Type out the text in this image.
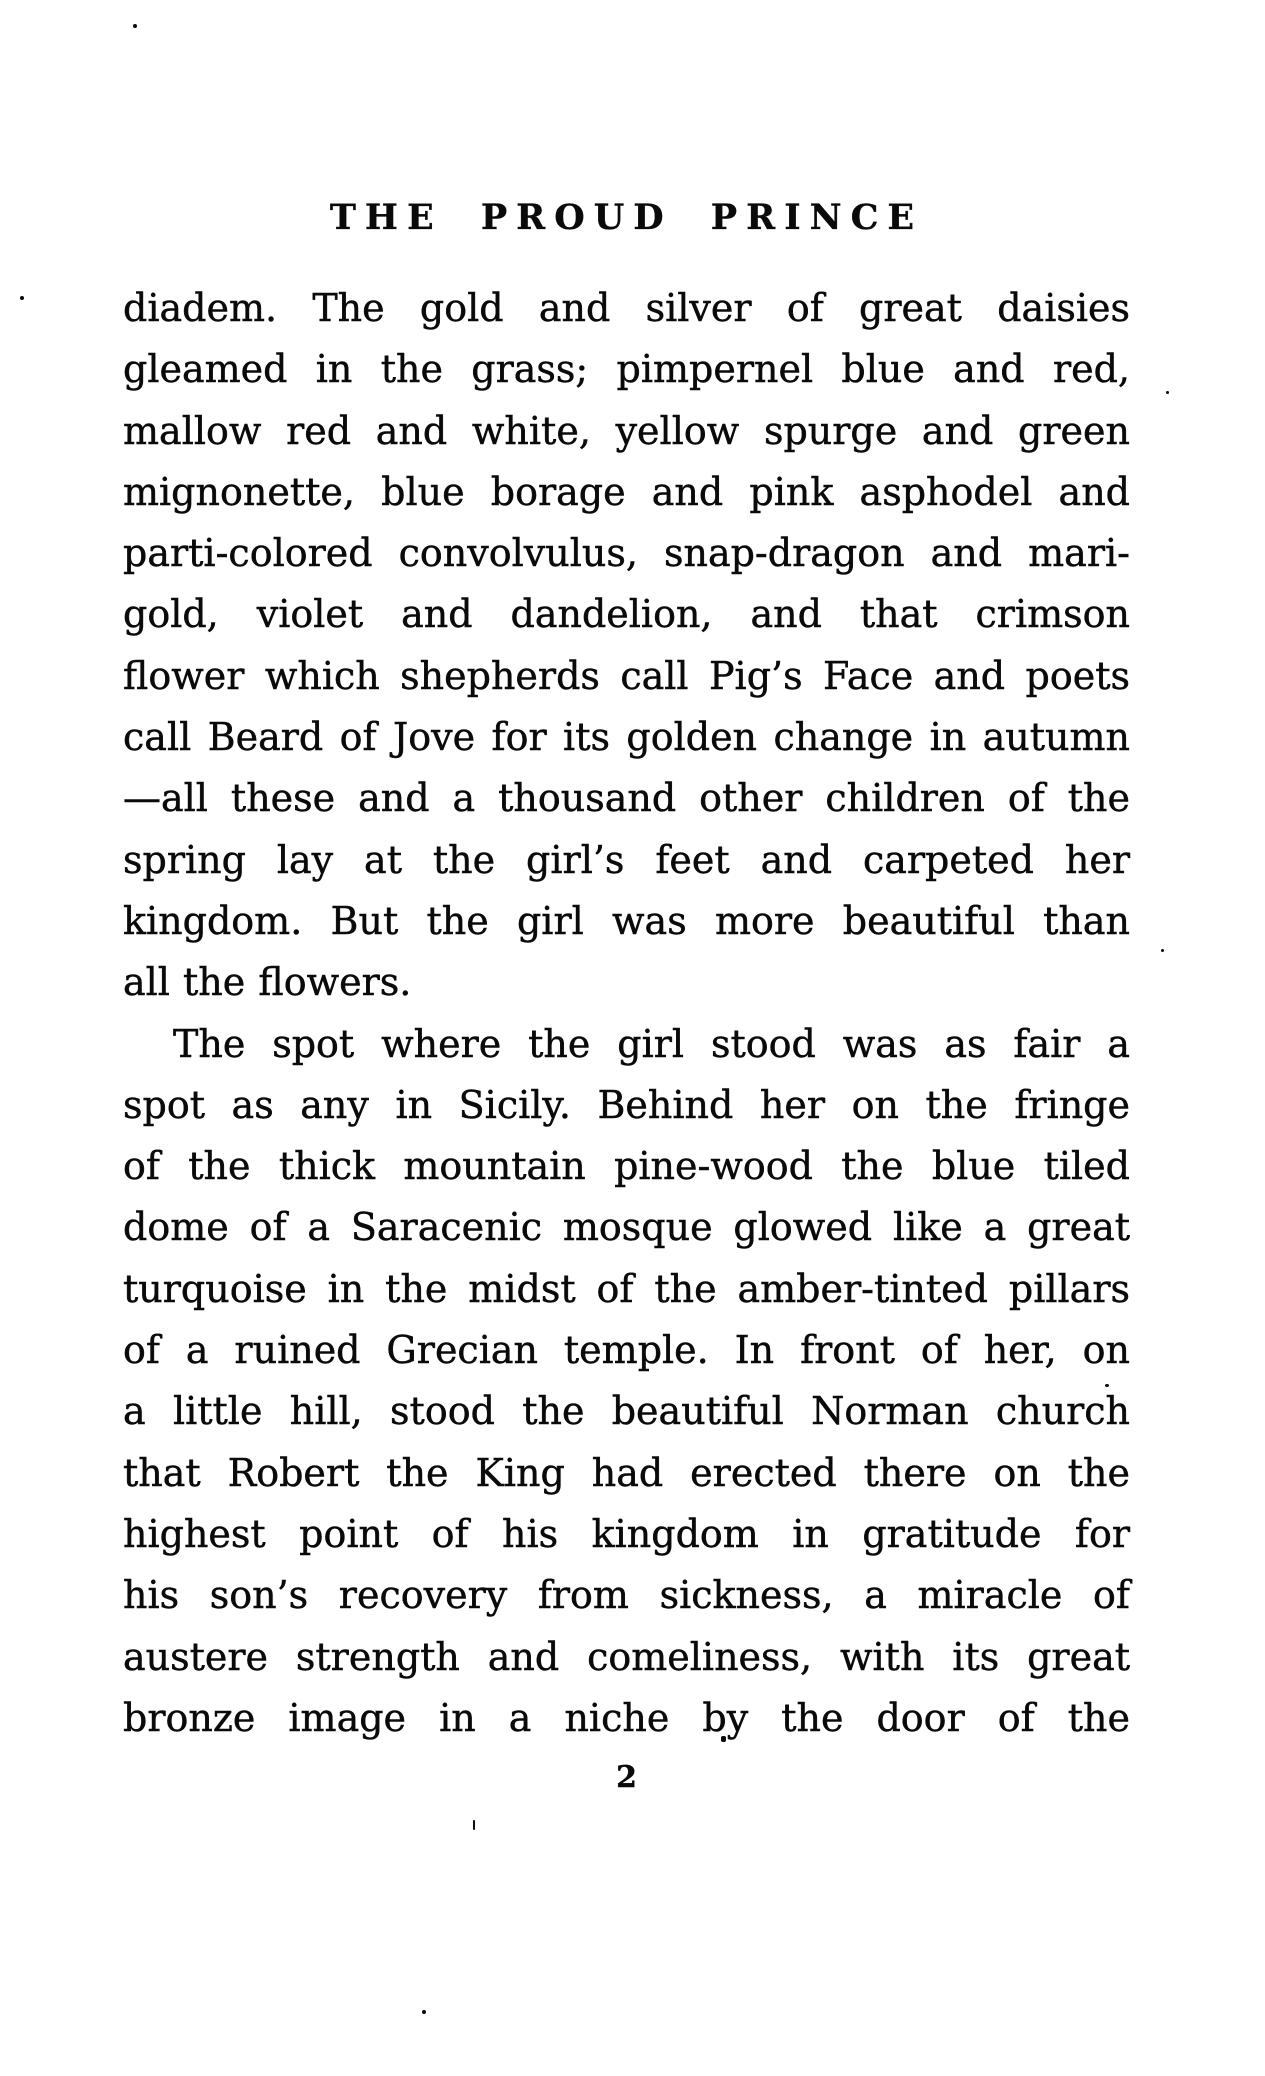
THE PROUD PRINCE
diadem. The gold and silver of great daisies
gleamed in the grass; pimpernel blue and red,
mallow red and white, yellow spurge and green
mignonette, blue borage and pink asphodel and
parti-colored convolvulus, snap-dragon and mari-
gold, violet and dandelion, and that crimson
flower which shepherds call Pig’s Face and poets
call Beard of Jove for its golden change in autumn
—all these and a thousand other children of the
spring lay at the girl’s feet and carpeted her
kingdom. But the girl was more beautiful than
all the flowers.
The spot where the girl stood was as fair a
spot as any in Sicily. Behind her on the fringe
of the thick mountain pine-wood the blue tiled
dome of a Saracenic mosque glowed like a great
turquoise in the midst of the amber-tinted pillars
of a ruined Grecian temple. In front of her, on
a little hill, stood the beautiful Norman church
that Robert the King had erected there on the
highest point of his kingdom in gratitude for
his son’s recovery from sickness, a miracle of
austere strength and comeliness, with its great
bronze image in a niche by the door of the
2
